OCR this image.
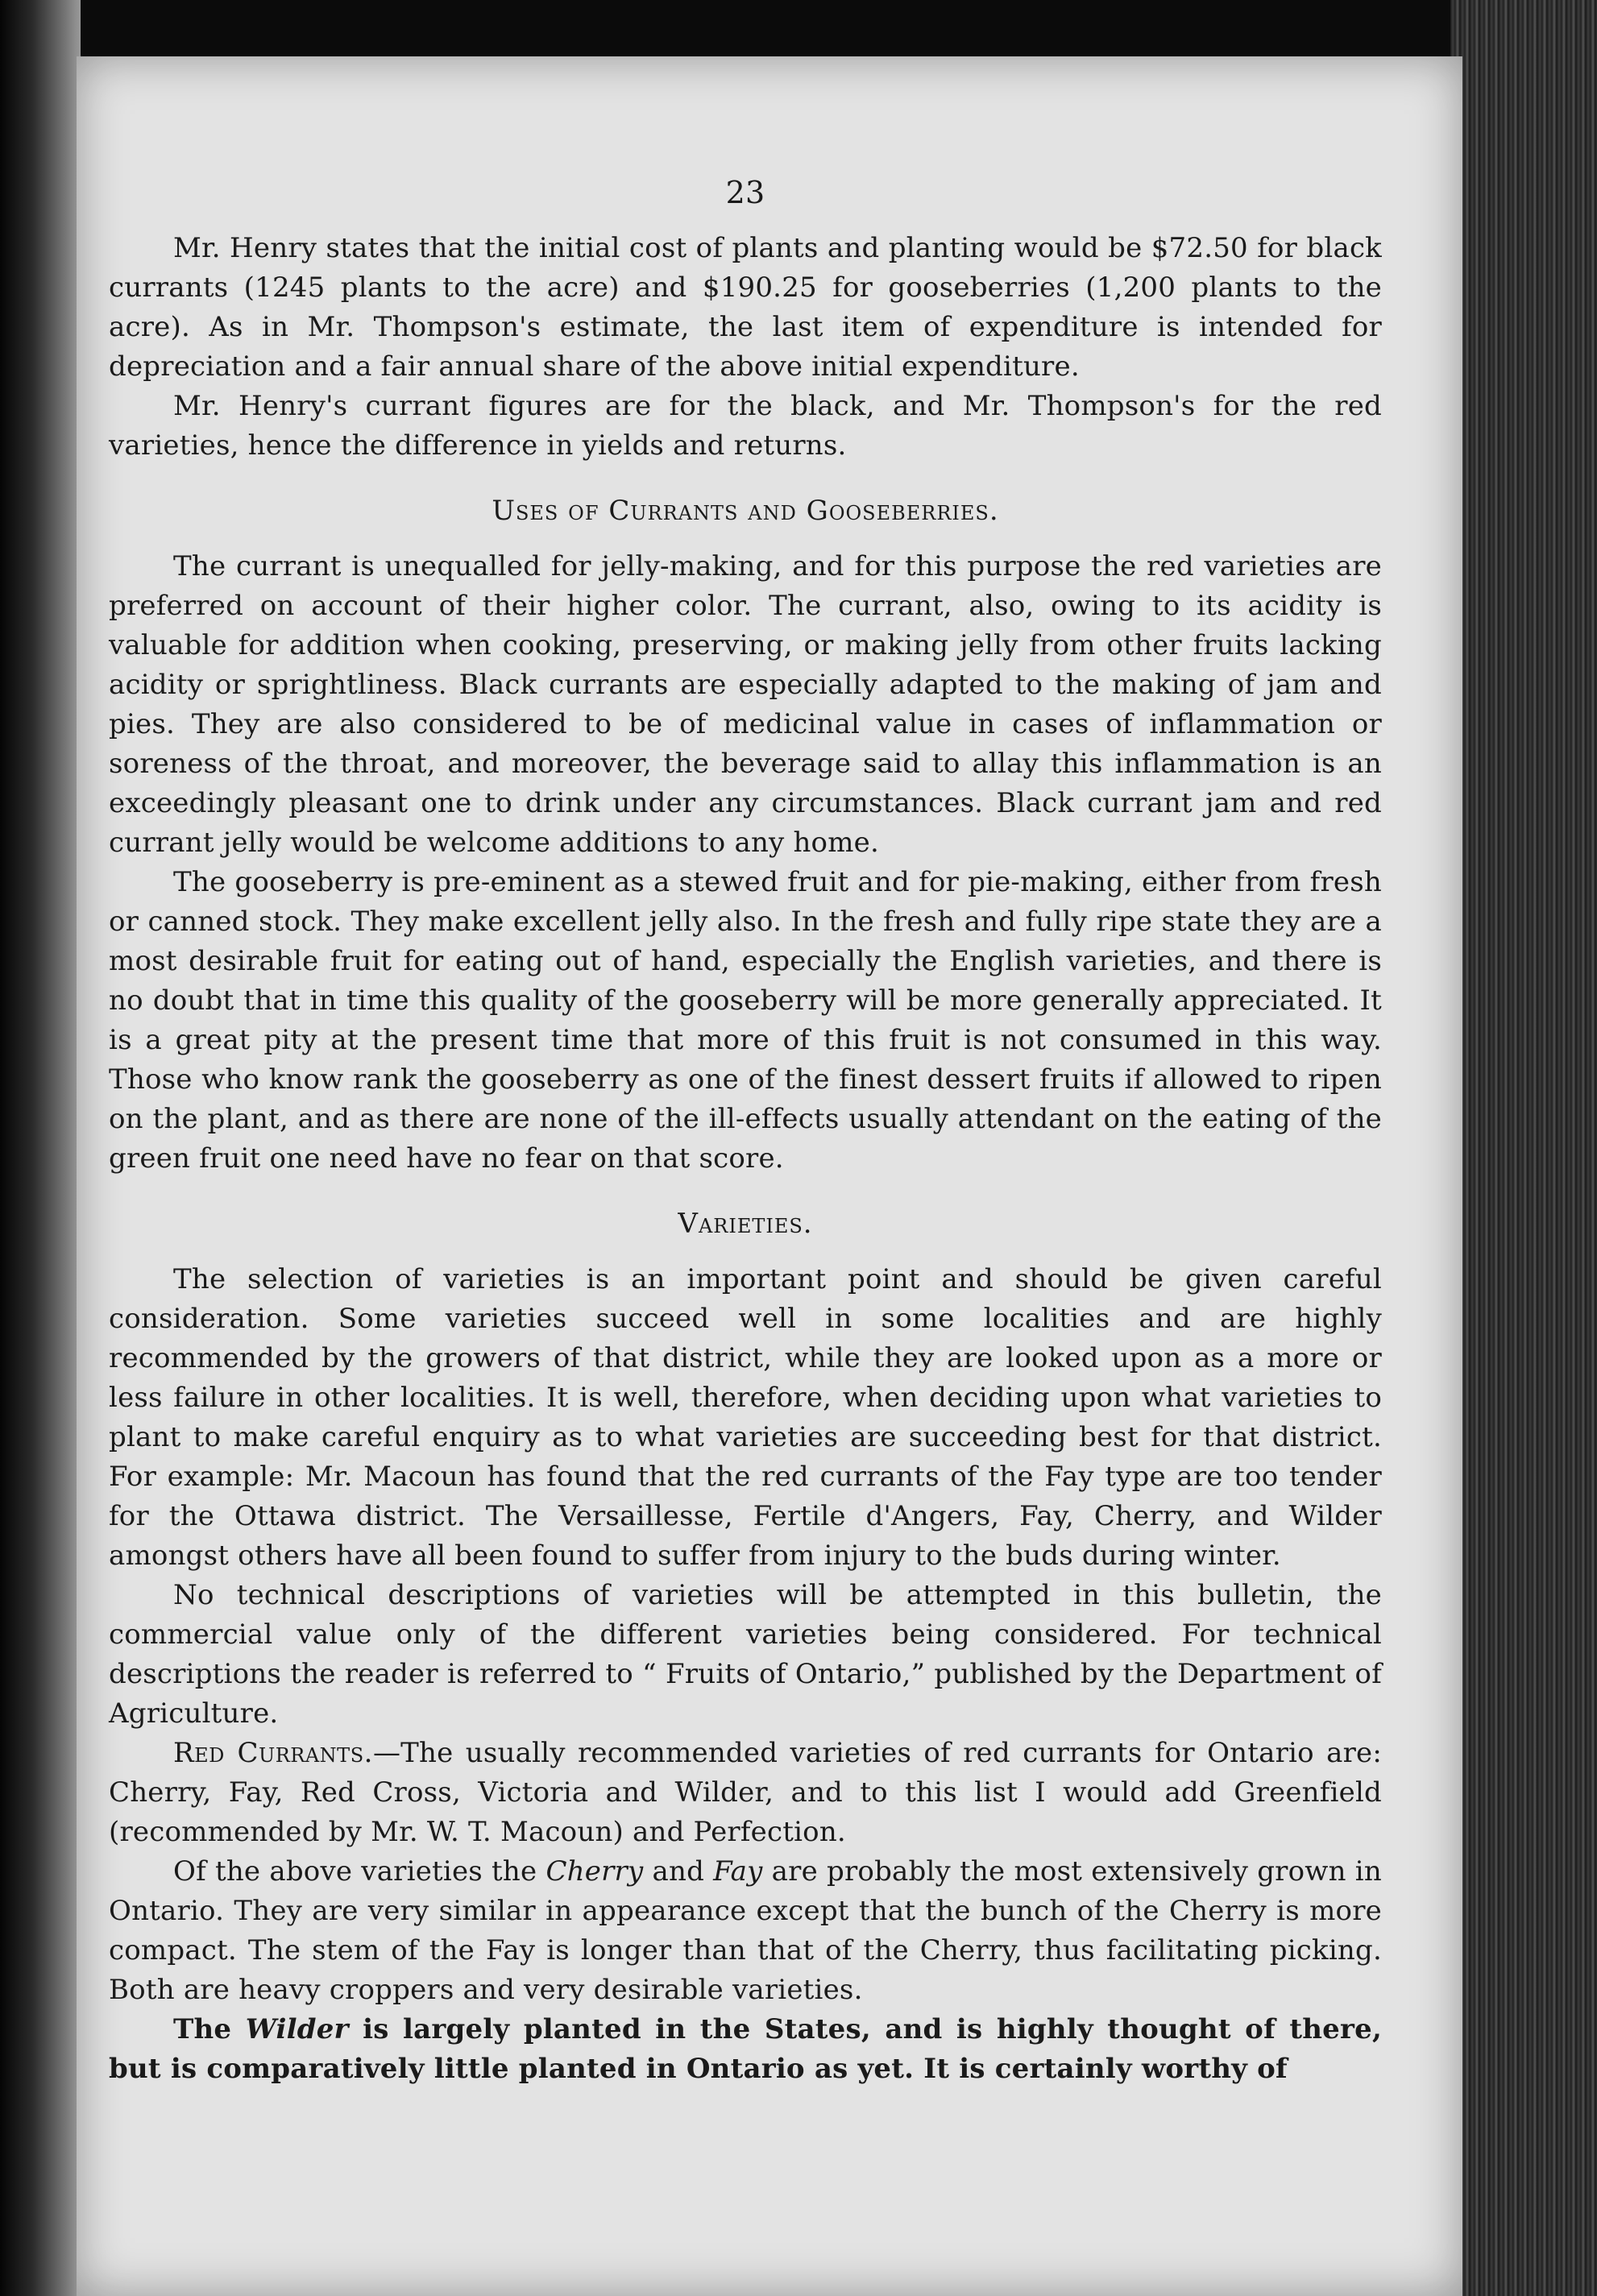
23

Mr. Henry states that the initial cost of plants and planting would be $72.50 for black currants (1245 plants to the acre) and $190.25 for gooseberries (1,200 plants to the acre). As in Mr. Thompson's estimate, the last item of expenditure is intended for depreciation and a fair annual share of the above initial expenditure.

Mr. Henry's currant figures are for the black, and Mr. Thompson's for the red varieties, hence the difference in yields and returns.

Uses of Currants and Gooseberries.

The currant is unequalled for jelly-making, and for this purpose the red varieties are preferred on account of their higher color. The currant, also, owing to its acidity is valuable for addition when cooking, preserving, or making jelly from other fruits lacking acidity or sprightliness. Black currants are especially adapted to the making of jam and pies. They are also considered to be of medicinal value in cases of inflammation or soreness of the throat, and moreover, the beverage said to allay this inflammation is an exceedingly pleasant one to drink under any circumstances. Black currant jam and red currant jelly would be welcome additions to any home.

The gooseberry is pre-eminent as a stewed fruit and for pie-making, either from fresh or canned stock. They make excellent jelly also. In the fresh and fully ripe state they are a most desirable fruit for eating out of hand, especially the English varieties, and there is no doubt that in time this quality of the gooseberry will be more generally appreciated. It is a great pity at the present time that more of this fruit is not consumed in this way. Those who know rank the gooseberry as one of the finest dessert fruits if allowed to ripen on the plant, and as there are none of the ill-effects usually attendant on the eating of the green fruit one need have no fear on that score.

Varieties.

The selection of varieties is an important point and should be given careful consideration. Some varieties succeed well in some localities and are highly recommended by the growers of that district, while they are looked upon as a more or less failure in other localities. It is well, therefore, when deciding upon what varieties to plant to make careful enquiry as to what varieties are succeeding best for that district. For example: Mr. Macoun has found that the red currants of the Fay type are too tender for the Ottawa district. The Versaillesse, Fertile d'Angers, Fay, Cherry, and Wilder amongst others have all been found to suffer from injury to the buds during winter.

No technical descriptions of varieties will be attempted in this bulletin, the commercial value only of the different varieties being considered. For technical descriptions the reader is referred to “ Fruits of Ontario,” published by the Department of Agriculture.

Red Currants.—The usually recommended varieties of red currants for Ontario are: Cherry, Fay, Red Cross, Victoria and Wilder, and to this list I would add Greenfield (recommended by Mr. W. T. Macoun) and Perfection.

Of the above varieties the Cherry and Fay are probably the most extensively grown in Ontario. They are very similar in appearance except that the bunch of the Cherry is more compact. The stem of the Fay is longer than that of the Cherry, thus facilitating picking. Both are heavy croppers and very desirable varieties.

The Wilder is largely planted in the States, and is highly thought of there, but is comparatively little planted in Ontario as yet. It is certainly worthy of
